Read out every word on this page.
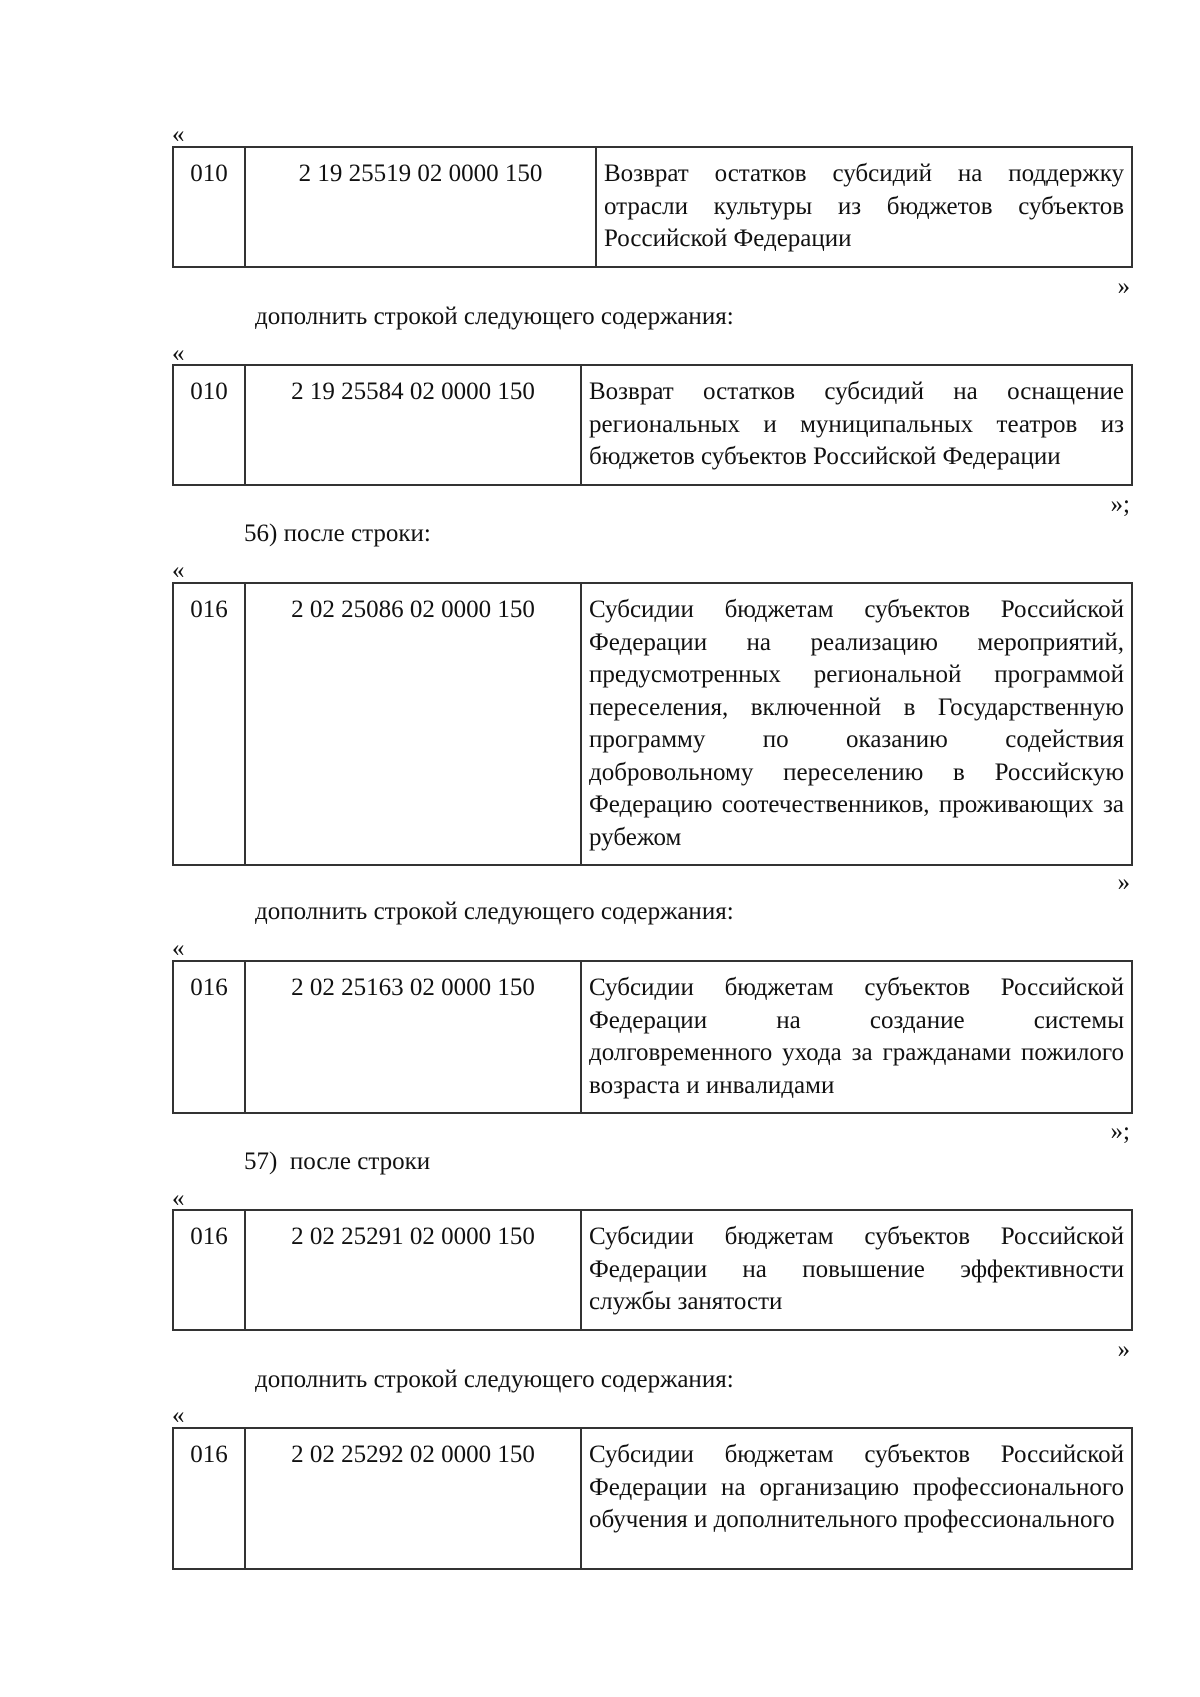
«
010	2 19 25519 02 0000 150	Возврат остатков субсидий на поддержку отрасли культуры из бюджетов субъектов Российской Федерации
»
дополнить строкой следующего содержания:
«
010	2 19 25584 02 0000 150	Возврат остатков субсидий на оснащение региональных и муниципальных театров из бюджетов субъектов Российской Федерации
»;
56) после строки:
«
016	2 02 25086 02 0000 150	Субсидии бюджетам субъектов Российской Федерации на реализацию мероприятий, предусмотренных региональной программой переселения, включенной в Государственную программу по оказанию содействия добровольному переселению в Российскую Федерацию соотечественников, проживающих за рубежом
»
дополнить строкой следующего содержания:
«
016	2 02 25163 02 0000 150	Субсидии бюджетам субъектов Российской Федерации на создание системы долговременного ухода за гражданами пожилого возраста и инвалидами
»;
57)  после строки
«
016	2 02 25291 02 0000 150	Субсидии бюджетам субъектов Российской Федерации на повышение эффективности службы занятости
»
дополнить строкой следующего содержания:
«
016	2 02 25292 02 0000 150	Субсидии бюджетам субъектов Российской Федерации на организацию профессионального обучения и дополнительного профессионального
